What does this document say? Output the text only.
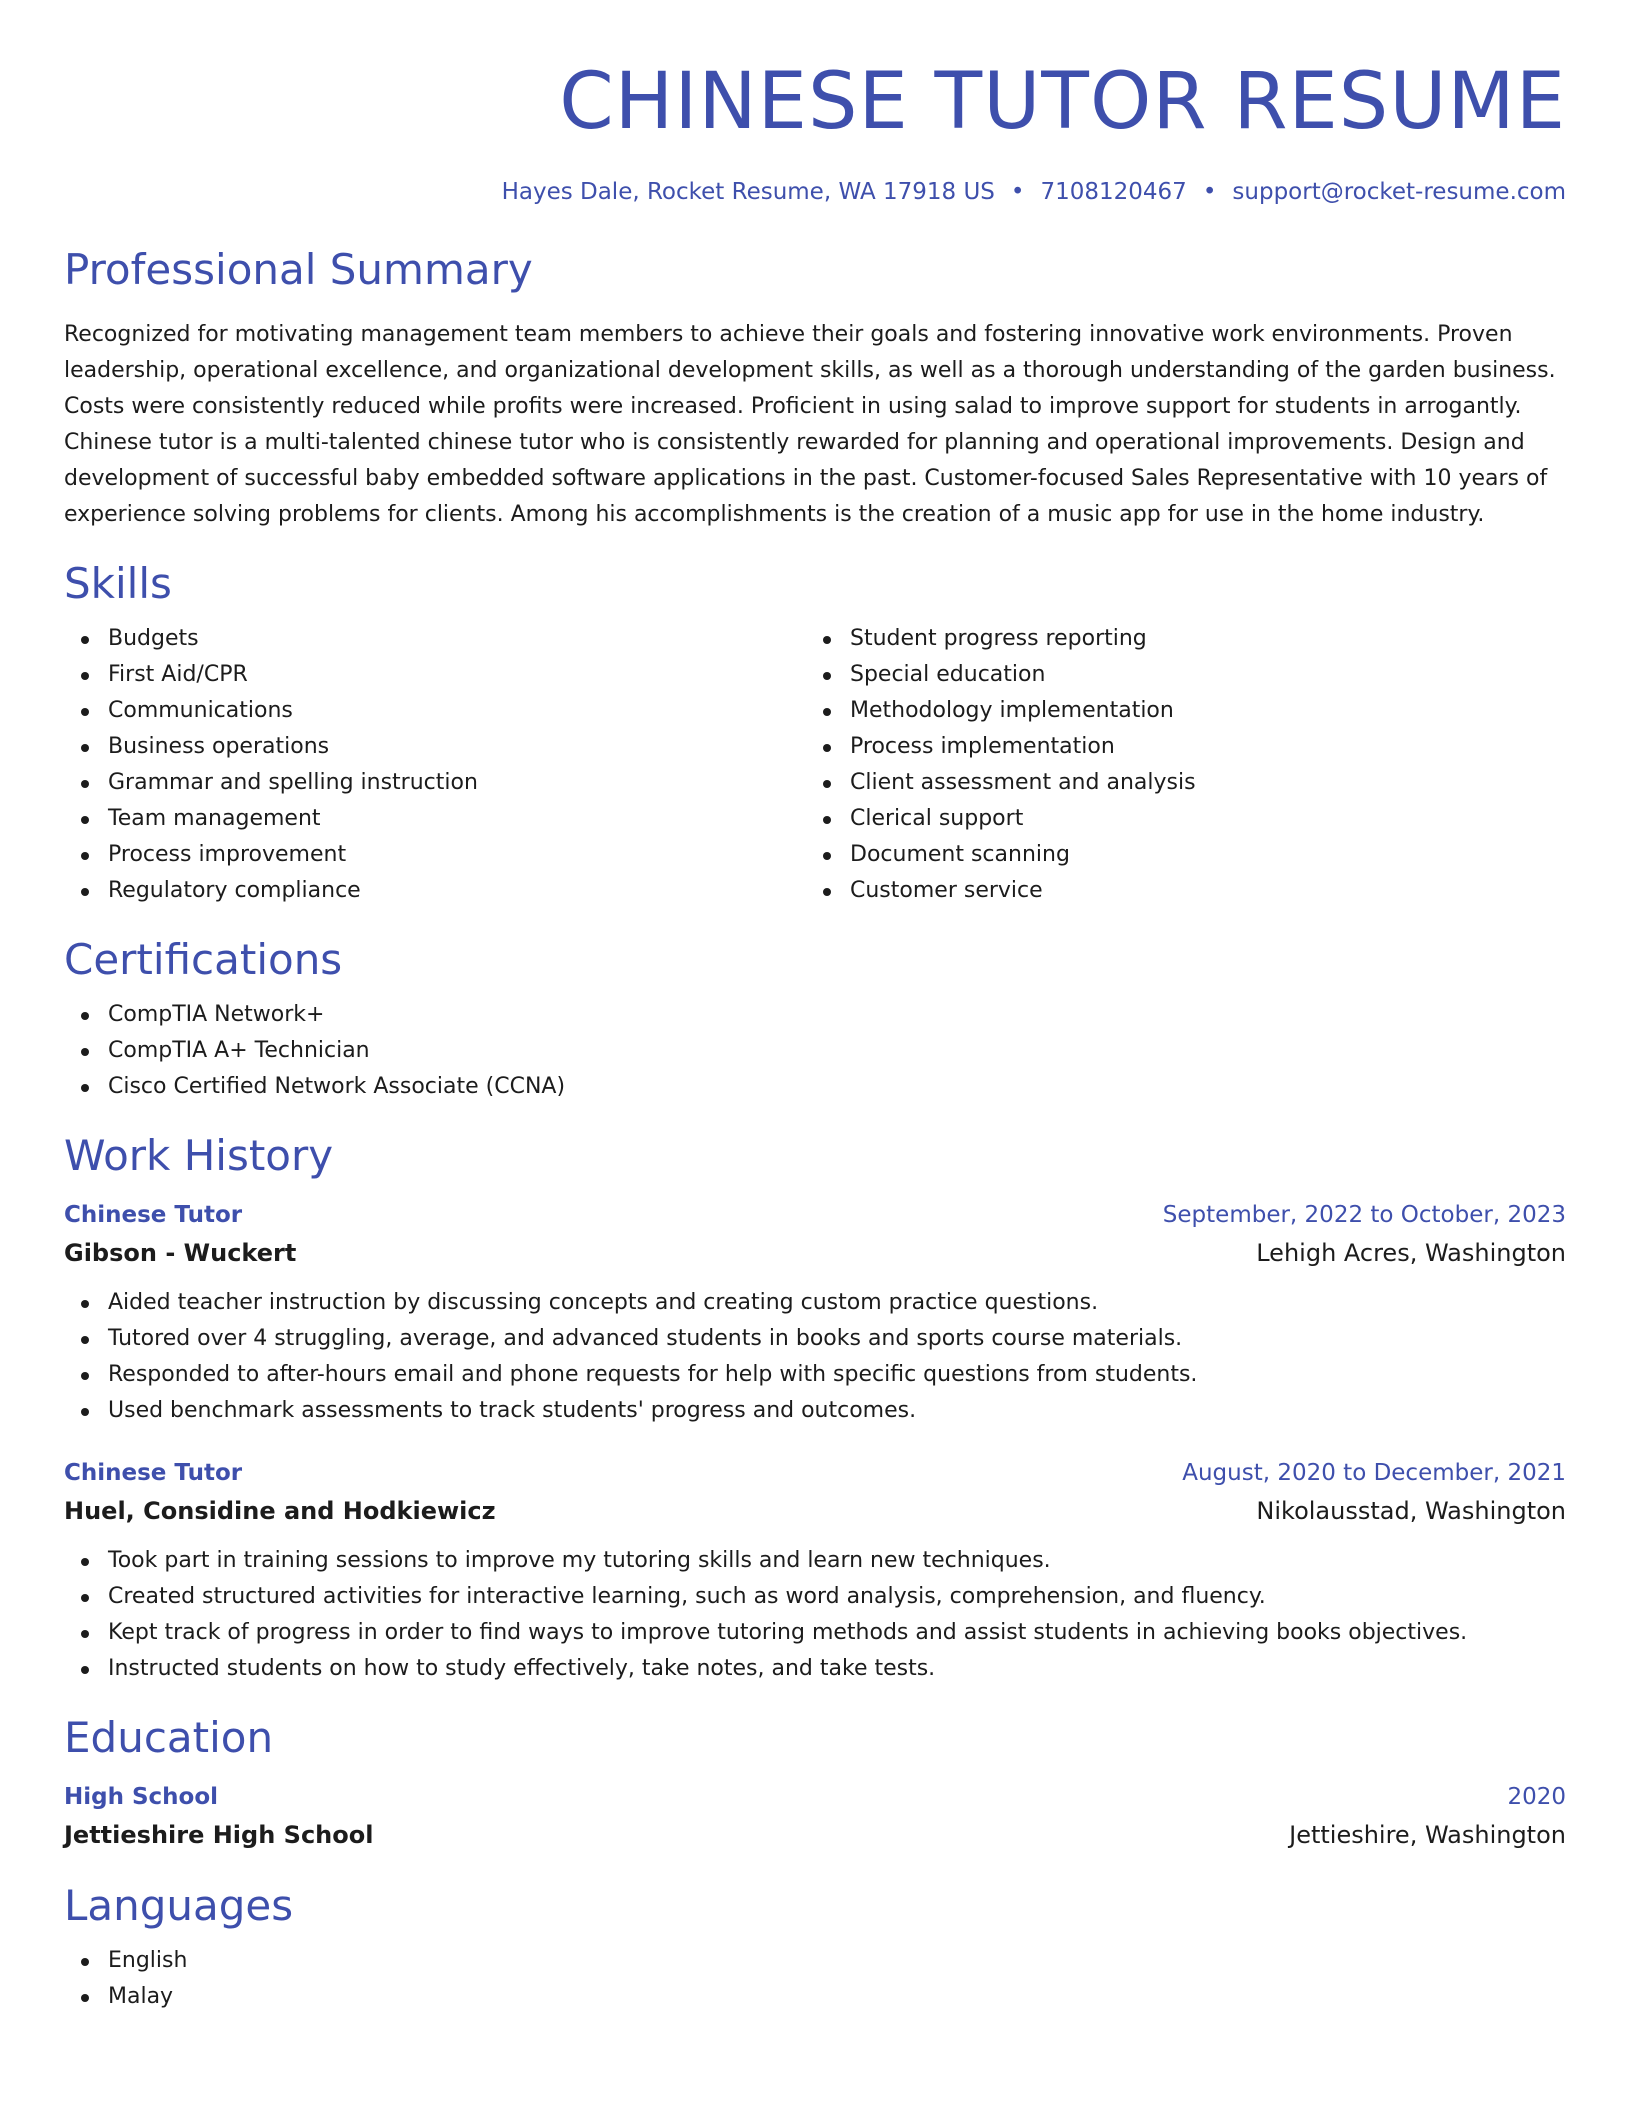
CHINESE TUTOR RESUME
Hayes Dale, Rocket Resume, WA 17918 US • 7108120467 • support@rocket-resume.com
Professional Summary

Recognized for motivating management team members to achieve their goals and fostering innovative work environments. Proven leadership, operational excellence, and organizational development skills, as well as a thorough understanding of the garden business. Costs were consistently reduced while profits were increased. Proficient in using salad to improve support for students in arrogantly. Chinese tutor is a multi-talented chinese tutor who is consistently rewarded for planning and operational improvements. Design and development of successful baby embedded software applications in the past. Customer-focused Sales Representative with 10 years of experience solving problems for clients. Among his accomplishments is the creation of a music app for use in the home industry.

Skills
Budgets
First Aid/CPR
Communications
Business operations
Grammar and spelling instruction
Team management
Process improvement
Regulatory compliance
Student progress reporting
Special education
Methodology implementation
Process implementation
Client assessment and analysis
Clerical support
Document scanning
Customer service
Certifications
CompTIA Network+
CompTIA A+ Technician
Cisco Certified Network Associate (CCNA)
Work History
Chinese Tutor	September, 2022 to October, 2023
Gibson - Wuckert	Lehigh Acres, Washington
Aided teacher instruction by discussing concepts and creating custom practice questions.
Tutored over 4 struggling, average, and advanced students in books and sports course materials.
Responded to after-hours email and phone requests for help with specific questions from students.
Used benchmark assessments to track students' progress and outcomes.
Chinese Tutor	August, 2020 to December, 2021
Huel, Considine and Hodkiewicz	Nikolausstad, Washington
Took part in training sessions to improve my tutoring skills and learn new techniques.
Created structured activities for interactive learning, such as word analysis, comprehension, and fluency.
Kept track of progress in order to find ways to improve tutoring methods and assist students in achieving books objectives.
Instructed students on how to study effectively, take notes, and take tests.
Education
High School	2020
Jettieshire High School	Jettieshire, Washington
Languages
English
Malay
